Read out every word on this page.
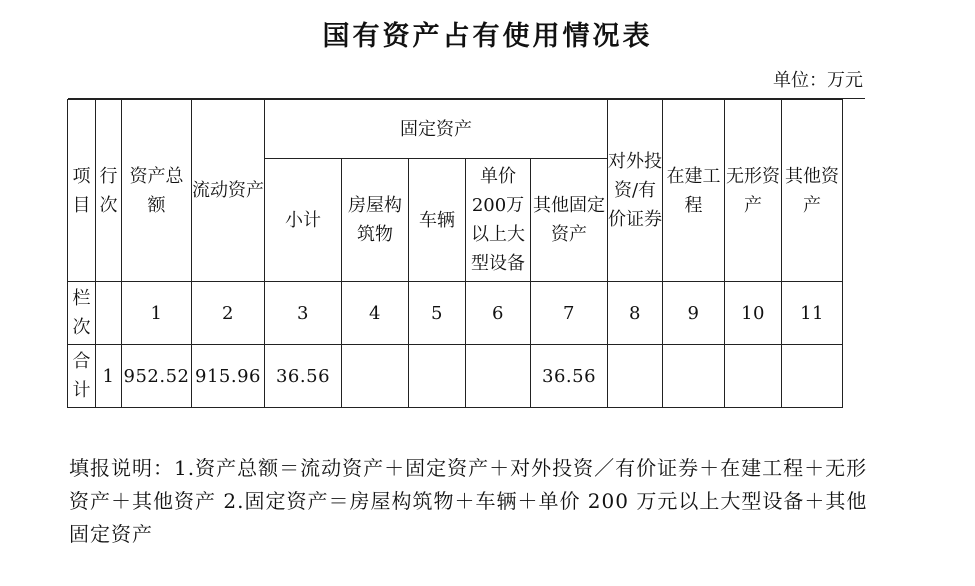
国有资产占有使用情况表
单位：万元
项目	行次	资产总额	流动资产	固定资产					对外投资/有价证券	在建工程	无形资产	其他资产
				小计	房屋构筑物	车辆	单价200万以上大型设备	其他固定资产				
栏次		1	2	3	4	5	6	7	8	9	10	11
合计	1	952.52	915.96	36.56				36.56				
填报说明：1.资产总额＝流动资产＋固定资产＋对外投资／有价证券＋在建工程＋无形资产＋其他资产 2.固定资产＝房屋构筑物＋车辆＋单价 200 万元以上大型设备＋其他固定资产
